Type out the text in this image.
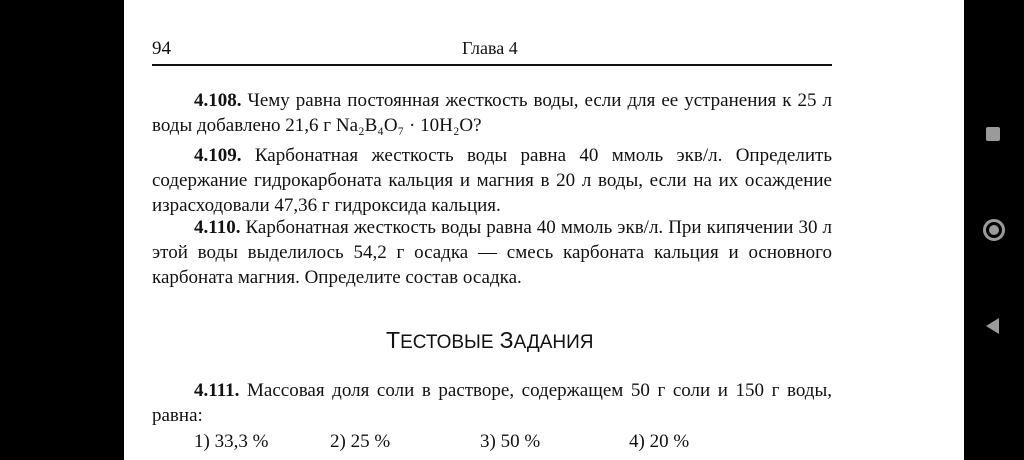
94	Глава 4

4.108. Чему равна постоянная жесткость воды, если для ее устранения к 25 л воды добавлено 21,6 г Na₂B₄O₇ · 10H₂O?

4.109. Карбонатная жесткость воды равна 40 ммоль экв/л. Определить содержание гидрокарбоната кальция и магния в 20 л воды, если на их осаждение израсходовали 47,36 г гидроксида кальция.

4.110. Карбонатная жесткость воды равна 40 ммоль экв/л. При кипячении 30 л этой воды выделилось 54,2 г осадка — смесь карбоната кальция и основного карбоната магния. Определите состав осадка.

ТЕСТОВЫЕ ЗАДАНИЯ

4.111. Массовая доля соли в растворе, содержащем 50 г соли и 150 г воды, равна:

1) 33,3 %	2) 25 %	3) 50 %	4) 20 %
